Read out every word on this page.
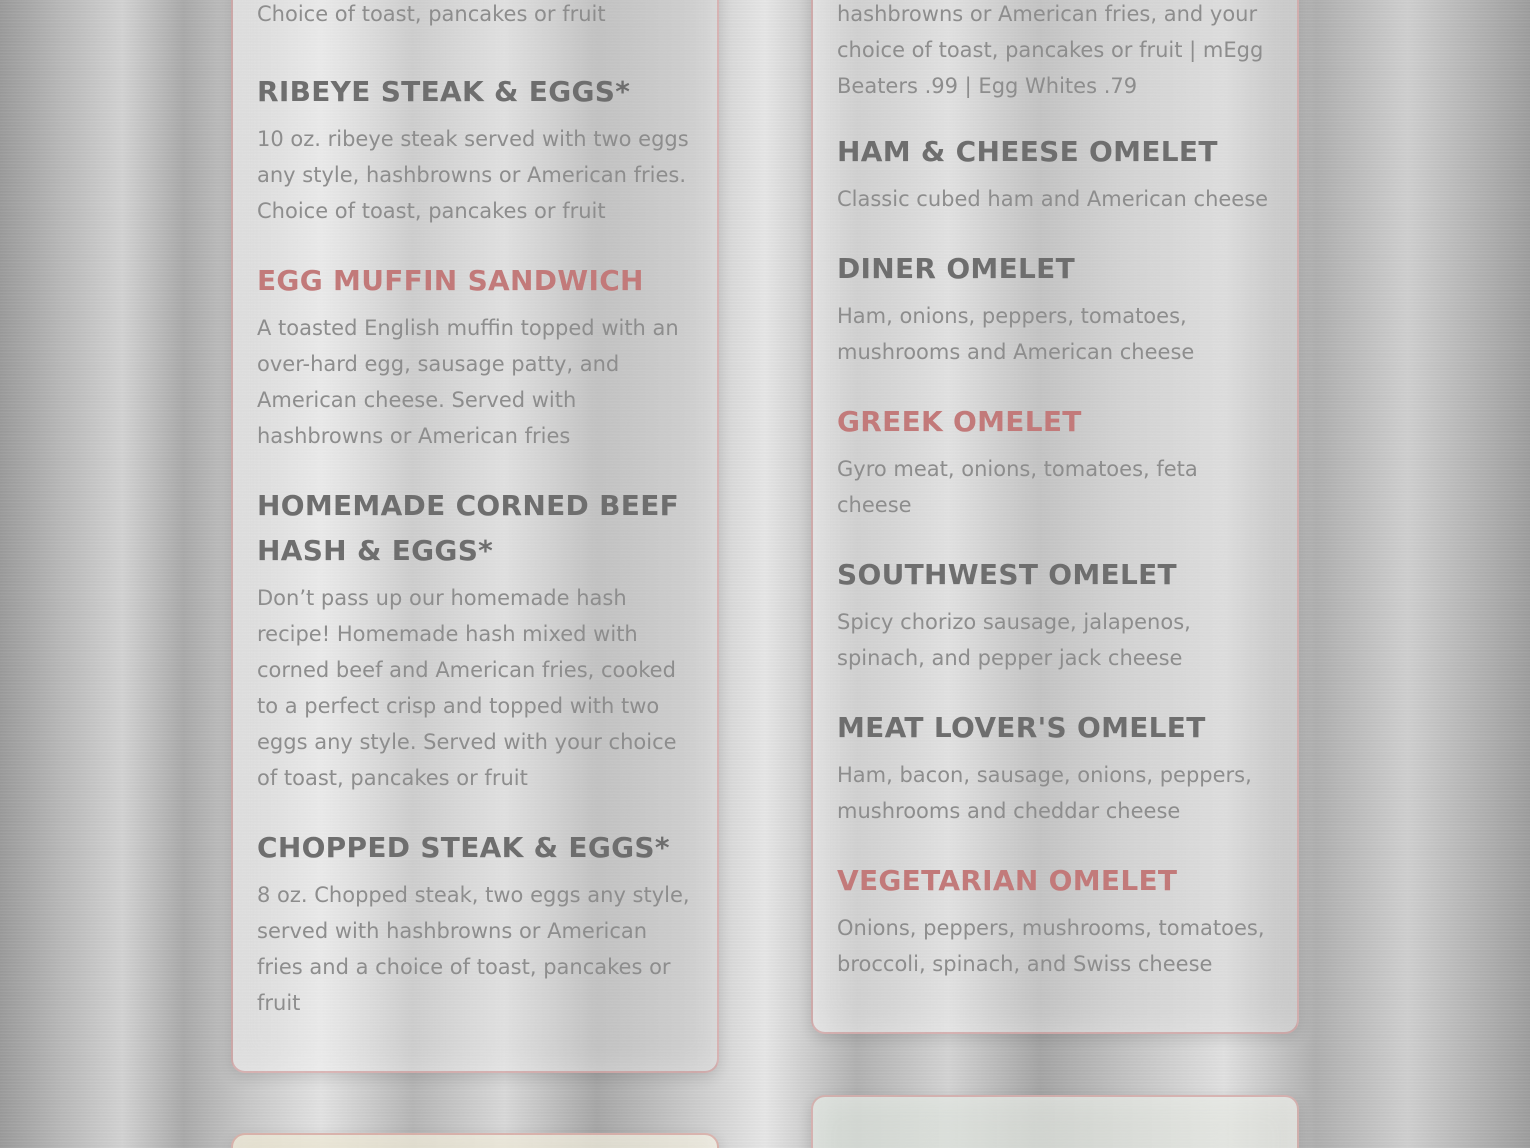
Choice of toast, pancakes or fruit

RIBEYE STEAK & EGGS*

10 oz. ribeye steak served with two eggs
any style, hashbrowns or American fries.
Choice of toast, pancakes or fruit

EGG MUFFIN SANDWICH

A toasted English muffin topped with an
over-hard egg, sausage patty, and
American cheese. Served with
hashbrowns or American fries

HOMEMADE CORNED BEEF
HASH & EGGS*

Don’t pass up our homemade hash
recipe! Homemade hash mixed with
corned beef and American fries, cooked
to a perfect crisp and topped with two
eggs any style. Served with your choice
of toast, pancakes or fruit

CHOPPED STEAK & EGGS*

8 oz. Chopped steak, two eggs any style,
served with hashbrowns or American
fries and a choice of toast, pancakes or
fruit

hashbrowns or American fries, and your
choice of toast, pancakes or fruit | mEgg
Beaters .99 | Egg Whites .79

HAM & CHEESE OMELET

Classic cubed ham and American cheese

DINER OMELET

Ham, onions, peppers, tomatoes,
mushrooms and American cheese

GREEK OMELET

Gyro meat, onions, tomatoes, feta
cheese

SOUTHWEST OMELET

Spicy chorizo sausage, jalapenos,
spinach, and pepper jack cheese

MEAT LOVER'S OMELET

Ham, bacon, sausage, onions, peppers,
mushrooms and cheddar cheese

VEGETARIAN OMELET

Onions, peppers, mushrooms, tomatoes,
broccoli, spinach, and Swiss cheese
